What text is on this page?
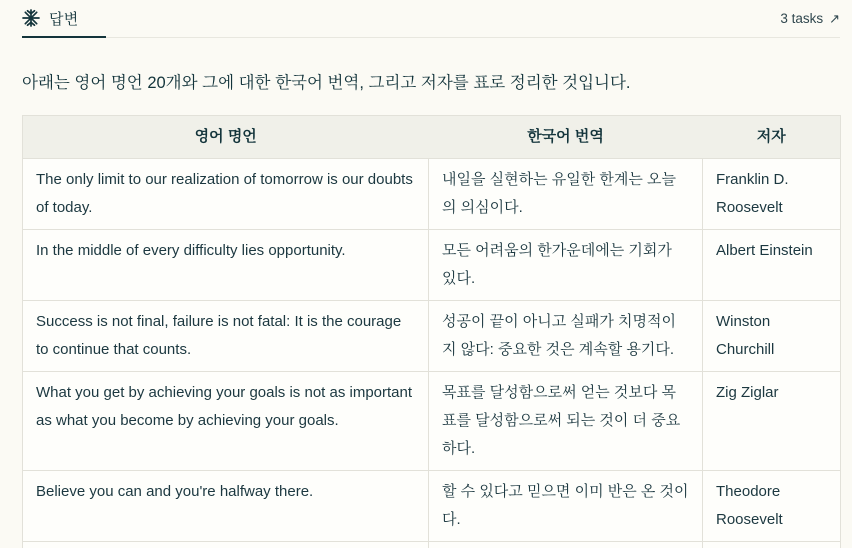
답변	3 tasks ↗

아래는 영어 명언 20개와 그에 대한 한국어 번역, 그리고 저자를 표로 정리한 것입니다.

영어 명언	한국어 번역	저자
The only limit to our realization of tomorrow is our doubts of today.	내일을 실현하는 유일한 한계는 오늘의 의심이다.	Franklin D. Roosevelt
In the middle of every difficulty lies opportunity.	모든 어려움의 한가운데에는 기회가 있다.	Albert Einstein
Success is not final, failure is not fatal: It is the courage to continue that counts.	성공이 끝이 아니고 실패가 치명적이지 않다: 중요한 것은 계속할 용기다.	Winston Churchill
What you get by achieving your goals is not as important as what you become by achieving your goals.	목표를 달성함으로써 얻는 것보다 목표를 달성함으로써 되는 것이 더 중요하다.	Zig Ziglar
Believe you can and you're halfway there.	할 수 있다고 믿으면 이미 반은 온 것이다.	Theodore Roosevelt
